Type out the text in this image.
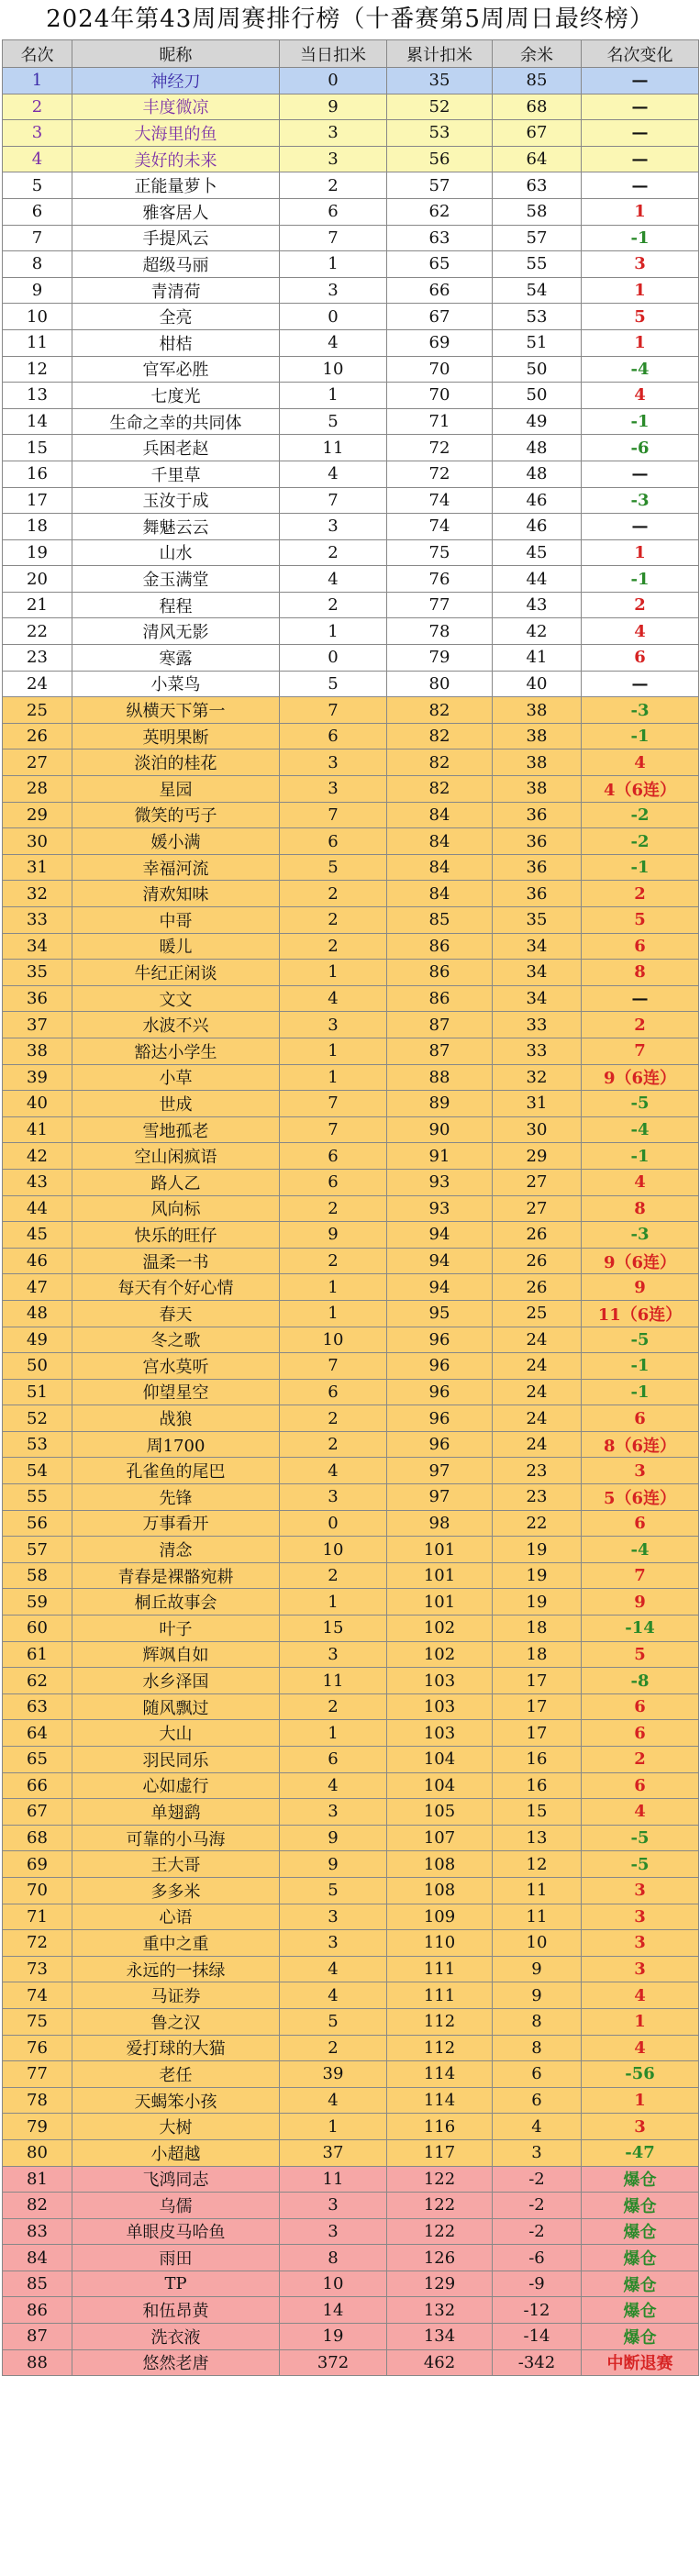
2024年第43周周赛排行榜（十番赛第5周周日最终榜）
名次	昵称	当日扣米	累计扣米	余米	名次变化
1	神经刀	0	35	85	—
2	丰度微凉	9	52	68	—
3	大海里的鱼	3	53	67	—
4	美好的未来	3	56	64	—
5	正能量萝卜	2	57	63	—
6	雅客居人	6	62	58	1
7	手提风云	7	63	57	-1
8	超级马丽	1	65	55	3
9	青清荷	3	66	54	1
10	全亮	0	67	53	5
11	柑桔	4	69	51	1
12	官军必胜	10	70	50	-4
13	七度光	1	70	50	4
14	生命之幸的共同体	5	71	49	-1
15	兵困老赵	11	72	48	-6
16	千里草	4	72	48	—
17	玉汝于成	7	74	46	-3
18	舞魅云云	3	74	46	—
19	山水	2	75	45	1
20	金玉满堂	4	76	44	-1
21	程程	2	77	43	2
22	清风无影	1	78	42	4
23	寒露	0	79	41	6
24	小菜鸟	5	80	40	—
25	纵横天下第一	7	82	38	-3
26	英明果断	6	82	38	-1
27	淡泊的桂花	3	82	38	4
28	星园	3	82	38	4（6连）
29	微笑的丐子	7	84	36	-2
30	媛小满	6	84	36	-2
31	幸福河流	5	84	36	-1
32	清欢知味	2	84	36	2
33	中哥	2	85	35	5
34	暖儿	2	86	34	6
35	牛纪正闲谈	1	86	34	8
36	文文	4	86	34	—
37	水波不兴	3	87	33	2
38	豁达小学生	1	87	33	7
39	小草	1	88	32	9（6连）
40	世成	7	89	31	-5
41	雪地孤老	7	90	30	-4
42	空山闲疯语	6	91	29	-1
43	路人乙	6	93	27	4
44	风向标	2	93	27	8
45	快乐的旺仔	9	94	26	-3
46	温柔一书	2	94	26	9（6连）
47	每天有个好心情	1	94	26	9
48	春天	1	95	25	11（6连）
49	冬之歌	10	96	24	-5
50	宫水莫听	7	96	24	-1
51	仰望星空	6	96	24	-1
52	战狼	2	96	24	6
53	周1700	2	96	24	8（6连）
54	孔雀鱼的尾巴	4	97	23	3
55	先锋	3	97	23	5（6连）
56	万事看开	0	98	22	6
57	清念	10	101	19	-4
58	青春是裸骼宛耕	2	101	19	7
59	桐丘故事会	1	101	19	9
60	叶子	15	102	18	-14
61	辉飒自如	3	102	18	5
62	水乡泽国	11	103	17	-8
63	随风飘过	2	103	17	6
64	大山	1	103	17	6
65	羽民同乐	6	104	16	2
66	心如虚行	4	104	16	6
67	单翅鹞	3	105	15	4
68	可靠的小马海	9	107	13	-5
69	王大哥	9	108	12	-5
70	多多米	5	108	11	3
71	心语	3	109	11	3
72	重中之重	3	110	10	3
73	永远的一抹绿	4	111	9	3
74	马证券	4	111	9	4
75	鲁之汉	5	112	8	1
76	爱打球的大猫	2	112	8	4
77	老任	39	114	6	-56
78	天蝎笨小孩	4	114	6	1
79	大树	1	116	4	3
80	小超越	37	117	3	-47
81	飞鸿同志	11	122	-2	爆仓
82	乌儒	3	122	-2	爆仓
83	单眼皮马哈鱼	3	122	-2	爆仓
84	雨田	8	126	-6	爆仓
85	TP	10	129	-9	爆仓
86	和伍昂黄	14	132	-12	爆仓
87	洗衣液	19	134	-14	爆仓
88	悠然老唐	372	462	-342	中断退赛
